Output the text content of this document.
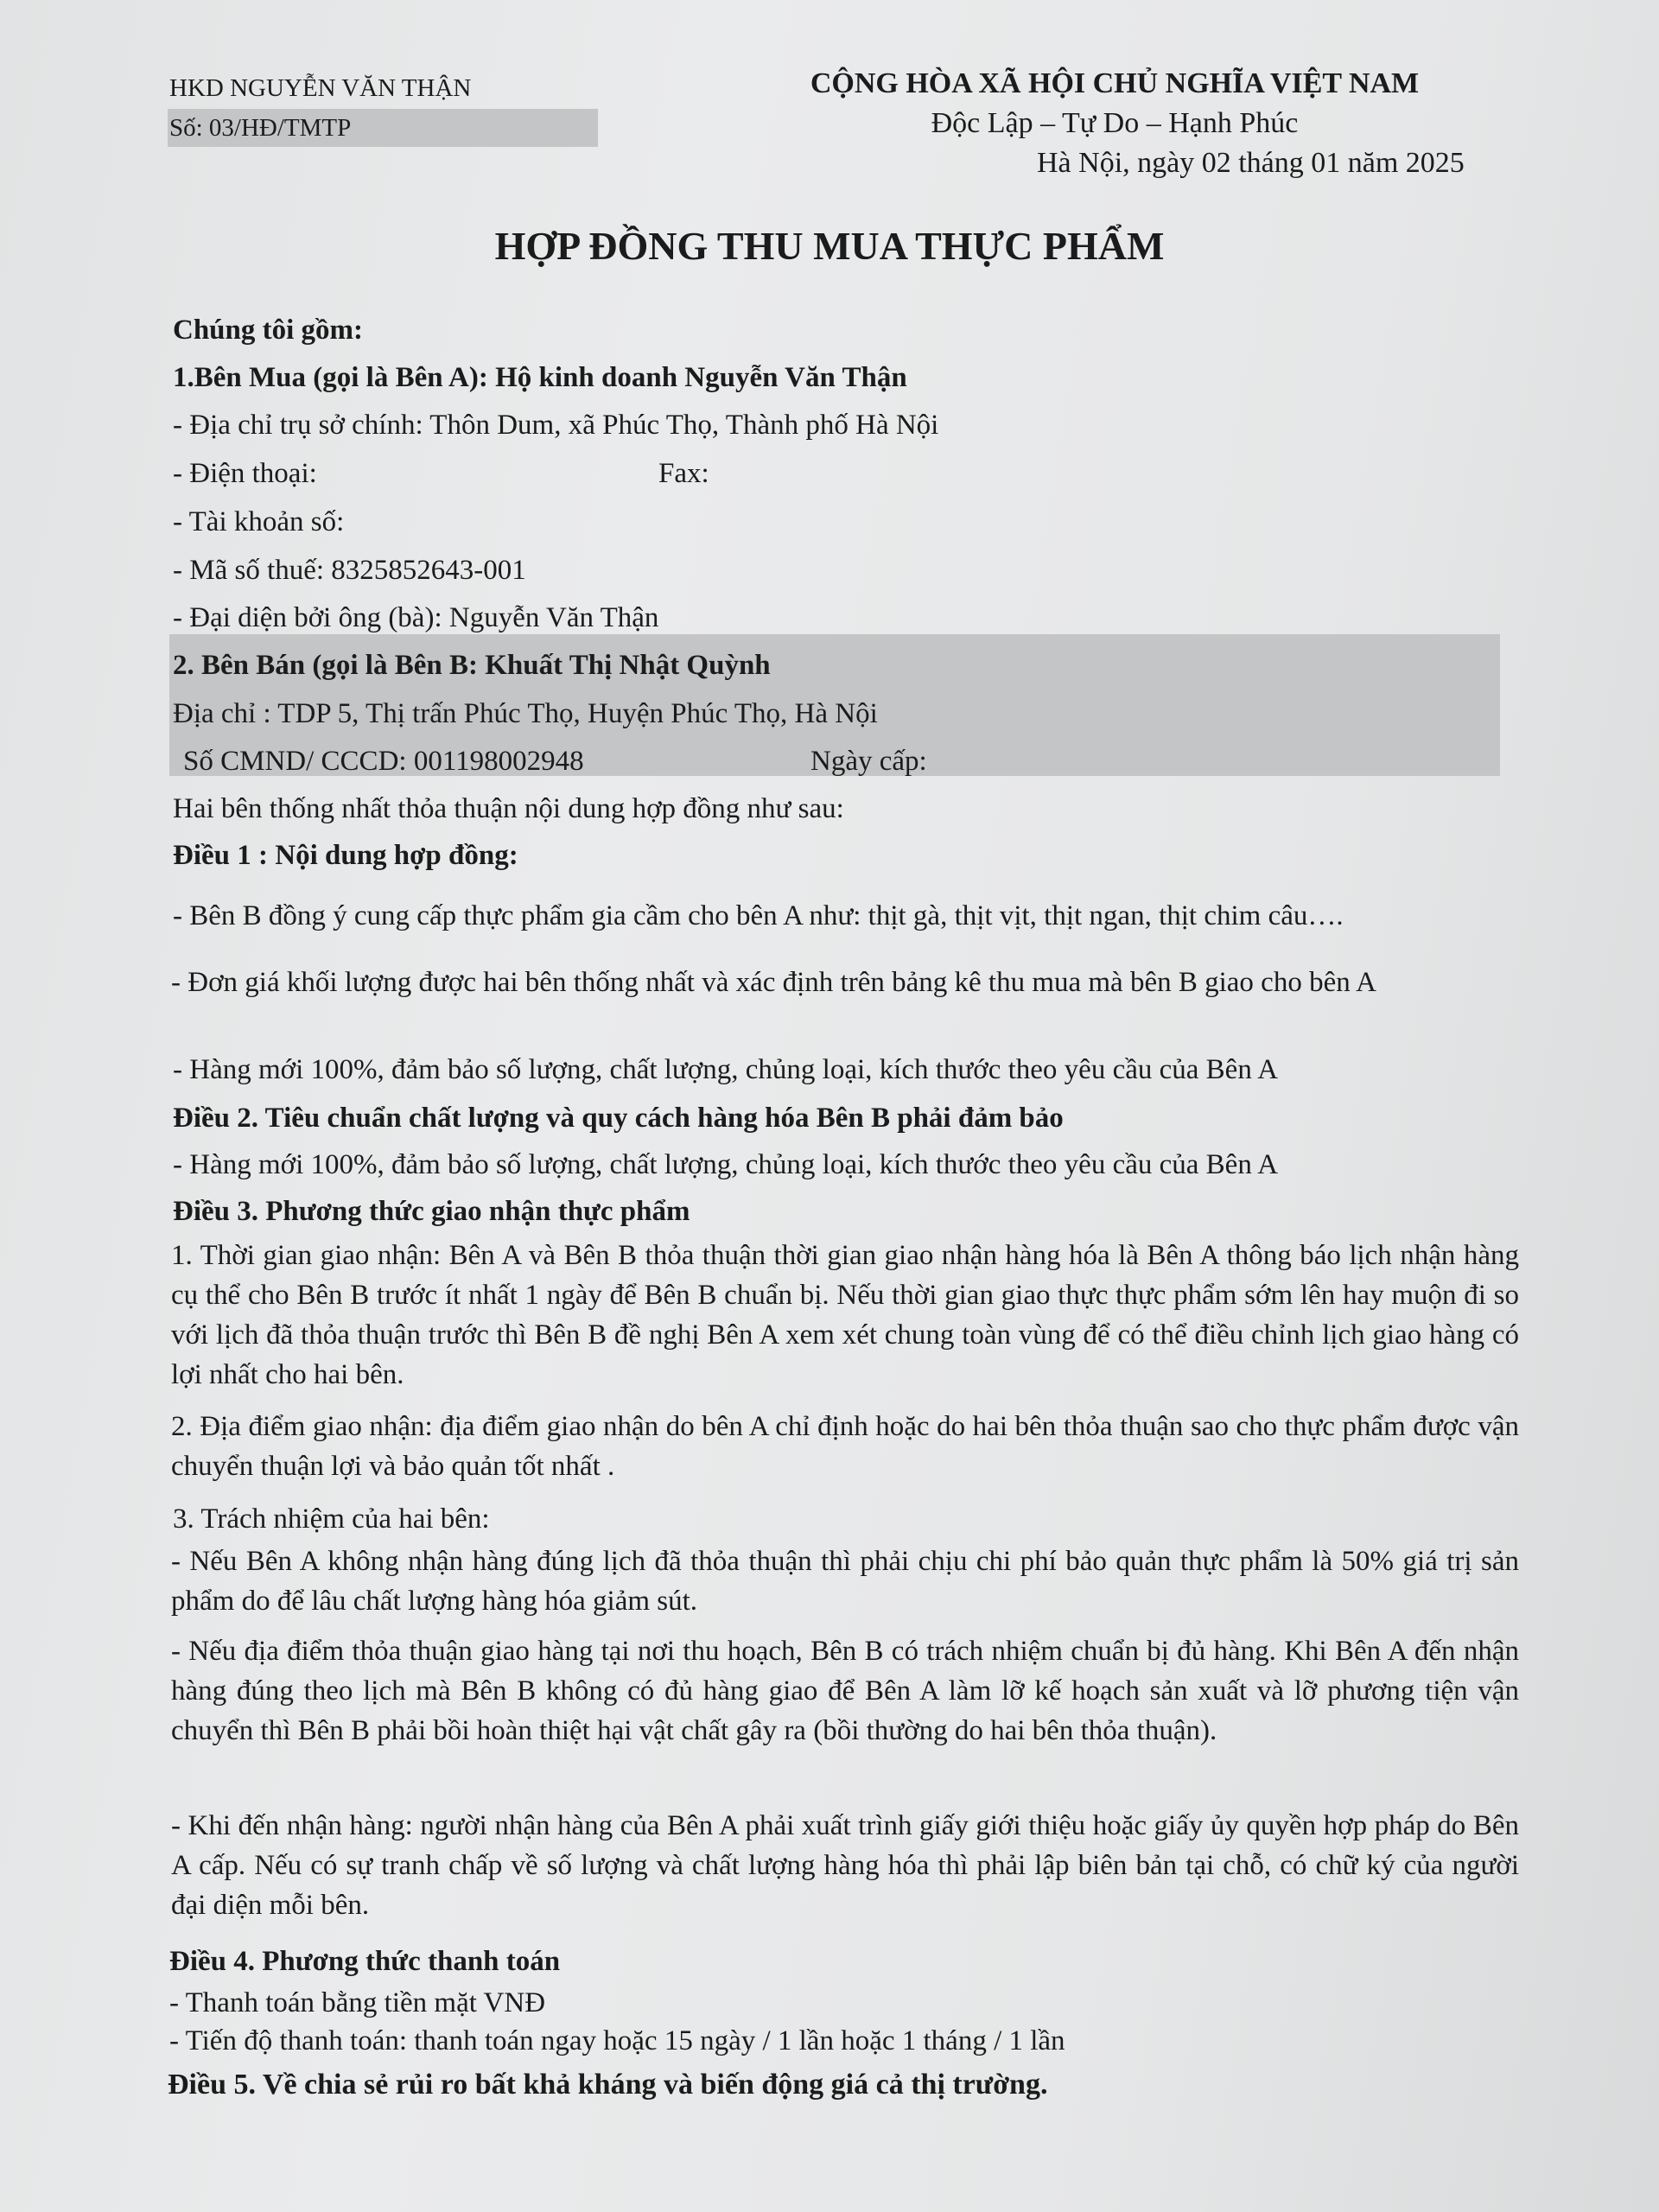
HKD NGUYỄN VĂN THẬN
Số: 03/HĐ/TMTP
CỘNG HÒA XÃ HỘI CHỦ NGHĨA VIỆT NAM
Độc Lập – Tự Do – Hạnh Phúc
Hà Nội, ngày 02 tháng 01 năm 2025
HỢP ĐỒNG THU MUA THỰC PHẨM
Chúng tôi gồm:
1.Bên Mua (gọi là Bên A): Hộ kinh doanh Nguyễn Văn Thận
- Địa chỉ trụ sở chính: Thôn Dum, xã Phúc Thọ, Thành phố Hà Nội
- Điện thoại:	Fax:
- Tài khoản số:
- Mã số thuế: 8325852643-001
- Đại diện bởi ông (bà): Nguyễn Văn Thận
2. Bên Bán (gọi là Bên B: Khuất Thị Nhật Quỳnh
Địa chỉ : TDP 5, Thị trấn Phúc Thọ, Huyện Phúc Thọ, Hà Nội
Số CMND/ CCCD: 001198002948	Ngày cấp:
Hai bên thống nhất thỏa thuận nội dung hợp đồng như sau:
Điều 1 : Nội dung hợp đồng:
- Bên B đồng ý cung cấp thực phẩm gia cầm cho bên A như: thịt gà, thịt vịt, thịt ngan, thịt chim câu….
- Đơn giá khối lượng được hai bên thống nhất và xác định trên bảng kê thu mua mà bên B giao cho bên A
- Hàng mới 100%, đảm bảo số lượng, chất lượng, chủng loại, kích thước theo yêu cầu của Bên A
Điều 2. Tiêu chuẩn chất lượng và quy cách hàng hóa Bên B phải đảm bảo
- Hàng mới 100%, đảm bảo số lượng, chất lượng, chủng loại, kích thước theo yêu cầu của Bên A
Điều 3. Phương thức giao nhận thực phẩm
1. Thời gian giao nhận: Bên A và Bên B thỏa thuận thời gian giao nhận hàng hóa là Bên A thông báo lịch nhận hàng cụ thể cho Bên B trước ít nhất 1 ngày để Bên B chuẩn bị. Nếu thời gian giao thực thực phẩm sớm lên hay muộn đi so với lịch đã thỏa thuận trước thì Bên B đề nghị Bên A xem xét chung toàn vùng để có thể điều chỉnh lịch giao hàng có lợi nhất cho hai bên.
2. Địa điểm giao nhận: địa điểm giao nhận do bên A chỉ định hoặc do hai bên thỏa thuận sao cho thực phẩm được vận chuyển thuận lợi và bảo quản tốt nhất .
3. Trách nhiệm của hai bên:
- Nếu Bên A không nhận hàng đúng lịch đã thỏa thuận thì phải chịu chi phí bảo quản thực phẩm là 50% giá trị sản phẩm do để lâu chất lượng hàng hóa giảm sút.
- Nếu địa điểm thỏa thuận giao hàng tại nơi thu hoạch, Bên B có trách nhiệm chuẩn bị đủ hàng. Khi Bên A đến nhận hàng đúng theo lịch mà Bên B không có đủ hàng giao để Bên A làm lỡ kế hoạch sản xuất và lỡ phương tiện vận chuyển thì Bên B phải bồi hoàn thiệt hại vật chất gây ra (bồi thường do hai bên thỏa thuận).
- Khi đến nhận hàng: người nhận hàng của Bên A phải xuất trình giấy giới thiệu hoặc giấy ủy quyền hợp pháp do Bên A cấp. Nếu có sự tranh chấp về số lượng và chất lượng hàng hóa thì phải lập biên bản tại chỗ, có chữ ký của người đại diện mỗi bên.
Điều 4. Phương thức thanh toán
- Thanh toán bằng tiền mặt VNĐ
- Tiến độ thanh toán: thanh toán ngay hoặc 15 ngày / 1 lần hoặc 1 tháng / 1 lần
Điều 5. Về chia sẻ rủi ro bất khả kháng và biến động giá cả thị trường.
